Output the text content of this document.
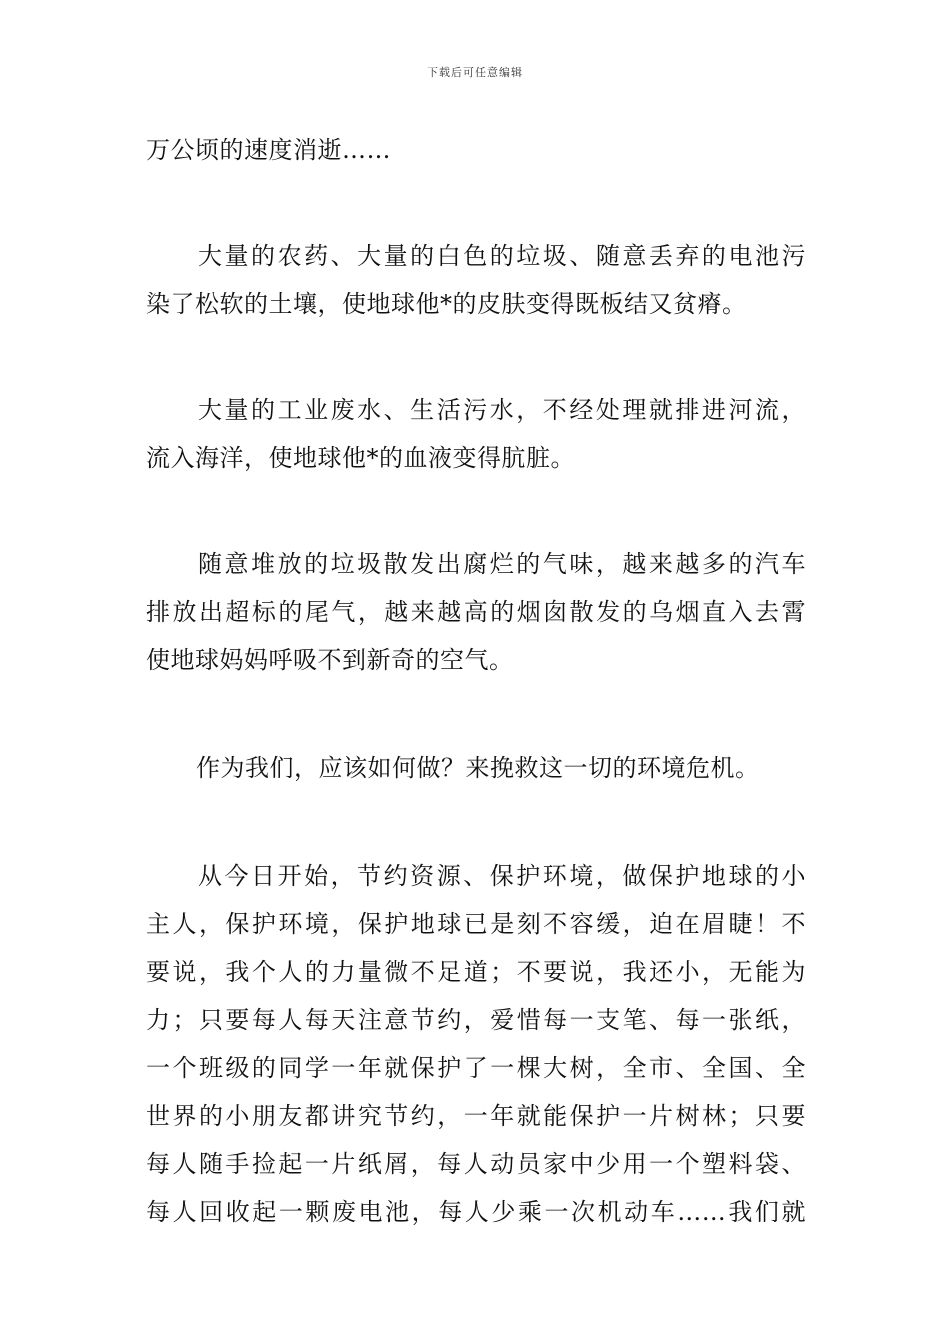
下载后可任意编辑
万公顷的速度消逝……
大量的农药、大量的白色的垃圾、随意丢弃的电池污
染了松软的土壤，使地球他*的皮肤变得既板结又贫瘠。
大量的工业废水、生活污水，不经处理就排进河流，
流入海洋，使地球他*的血液变得肮脏。
随意堆放的垃圾散发出腐烂的气味，越来越多的汽车
排放出超标的尾气，越来越高的烟囱散发的乌烟直入去霄
使地球妈妈呼吸不到新奇的空气。
作为我们，应该如何做？来挽救这一切的环境危机。
从今日开始，节约资源、保护环境，做保护地球的小
主人，保护环境，保护地球已是刻不容缓，迫在眉睫！不
要说，我个人的力量微不足道；不要说，我还小，无能为
力；只要每人每天注意节约，爱惜每一支笔、每一张纸，
一个班级的同学一年就保护了一棵大树，全市、全国、全
世界的小朋友都讲究节约，一年就能保护一片树林；只要
每人随手捡起一片纸屑，每人动员家中少用一个塑料袋、
每人回收起一颗废电池，每人少乘一次机动车……我们就
